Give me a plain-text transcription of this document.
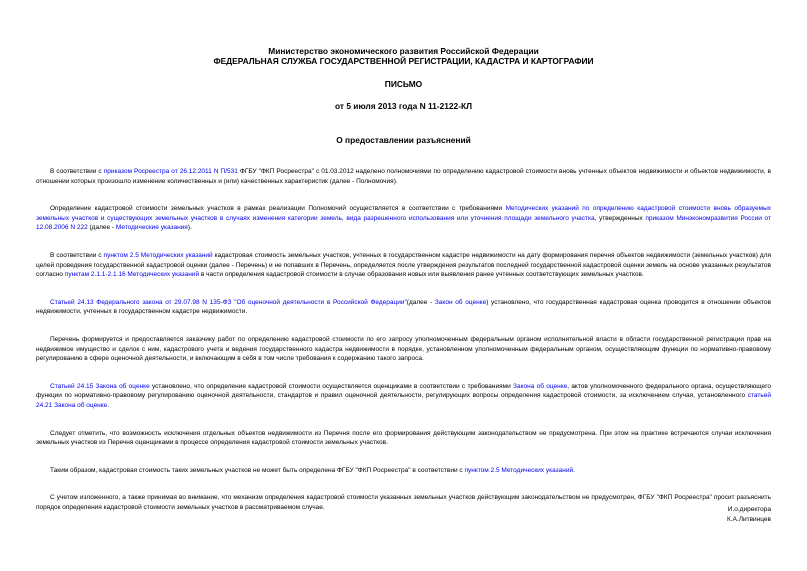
Министерство экономического развития Российской Федерации
ФЕДЕРАЛЬНАЯ СЛУЖБА ГОСУДАРСТВЕННОЙ РЕГИСТРАЦИИ, КАДАСТРА И КАРТОГРАФИИ
ПИСЬМО
от 5 июля 2013 года N 11-2122-КЛ
О предоставлении разъяснений

В соответствии с приказом Росреестра от 26.12.2011 N П/531 ФГБУ "ФКП Росреестра" с 01.03.2012 наделено полномочиями по определению кадастровой стоимости вновь учтенных объектов недвижимости и объектов недвижимости, в отношении которых произошло изменение количественных и (или) качественных характеристик (далее - Полномочия).

Определение кадастровой стоимости земельных участков в рамках реализации Полномочий осуществляется в соответствии с требованиями Методических указаний по определению кадастровой стоимости вновь образуемых земельных участков и существующих земельных участков в случаях изменения категории земель, вида разрешенного использования или уточнения площади земельного участка, утвержденных приказом Минэкономразвития России от 12.08.2006 N 222 (далее - Методические указания).

В соответствии с пунктом 2.5 Методических указаний кадастровая стоимость земельных участков, учтенных в государственном кадастре недвижимости на дату формирования перечня объектов недвижимости (земельных участков) для целей проведения государственной кадастровой оценки (далее - Перечень) и не попавших в Перечень, определяется после утверждения результатов последней государственной кадастровой оценки земель на основе указанных результатов согласно пунктам 2.1.1-2.1.16 Методических указаний в части определения кадастровой стоимости в случае образования новых или выявления ранее учтенных соответствующих земельных участков.

Статьей 24.13 Федерального закона от 29.07.98 N 135-ФЗ "Об оценочной деятельности в Российской Федерации"(далее - Закон об оценке) установлено, что государственная кадастровая оценка проводится в отношении объектов недвижимости, учтенных в государственном кадастре недвижимости.

Перечень формируется и предоставляется заказчику работ по определению кадастровой стоимости по его запросу уполномоченным федеральным органом исполнительной власти в области государственной регистрации прав на недвижимое имущество и сделок с ним, кадастрового учета и ведения государственного кадастра недвижимости в порядке, установленном уполномоченным федеральным органом, осуществляющим функции по нормативно-правовому регулированию в сфере оценочной деятельности, и включающим в себя в том числе требования к содержанию такого запроса.

Статьей 24.15 Закона об оценке установлено, что определение кадастровой стоимости осуществляется оценщиками в соответствии с требованиями Закона об оценке, актов уполномоченного федерального органа, осуществляющего функции по нормативно-правовому регулированию оценочной деятельности, стандартов и правил оценочной деятельности, регулирующих вопросы определения кадастровой стоимости, за исключением случая, установленного статьей 24.21 Закона об оценке.

Следует отметить, что возможность исключения отдельных объектов недвижимости из Перечня после его формирования действующим законодательством не предусмотрена. При этом на практике встречаются случаи исключения земельных участков из Перечня оценщиками в процессе определения кадастровой стоимости земельных участков.

Таким образом, кадастровая стоимость таких земельных участков не может быть определена ФГБУ "ФКП Росреестра" в соответствии с пунктом 2.5 Методических указаний.

С учетом изложенного, а также принимая во внимание, что механизм определения кадастровой стоимости указанных земельных участков действующим законодательством не предусмотрен, ФГБУ "ФКП Росреестра" просит разъяснить порядок определения кадастровой стоимости земельных участков в рассматриваемом случае.	И.о.директора
К.А.Литвинцев
